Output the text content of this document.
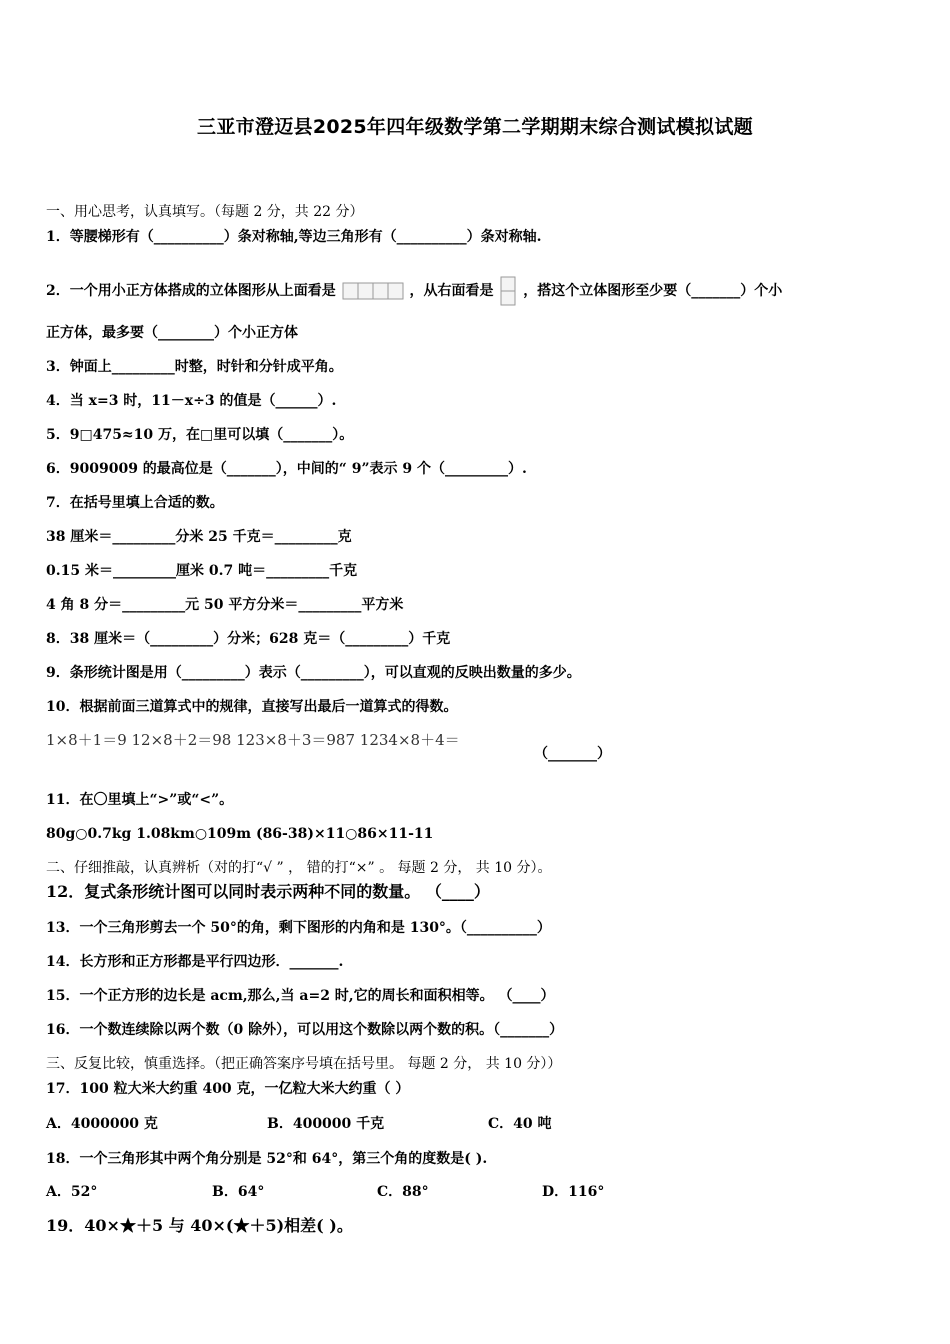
三亚市澄迈县2025年四年级数学第二学期期末综合测试模拟试题
一、用心思考，认真填写。（每题 2 分，共 22 分）
1．等腰梯形有（__________）条对称轴,等边三角形有（__________）条对称轴.
2．一个用小正方体搭成的立体图形从上面看是	，从右面看是 ，搭这个立体图形至少要（_______）个小
正方体，最多要（________）个小正方体
3．钟面上_________时整，时针和分针成平角。
4．当 x=3 时，11－x÷3 的值是（______）.
5．9□475≈10 万，在□里可以填（_______）。
6．9009009 的最高位是（_______），中间的“ 9”表示 9 个（_________）.
7．在括号里填上合适的数。
38 厘米＝_________分米 25 千克＝_________克
0.15 米＝_________厘米 0.7 吨＝_________千克
4 角 8 分＝_________元 50 平方分米＝_________平方米
8．38 厘米＝（_________）分米；628 克＝（_________）千克
9．条形统计图是用（_________）表示（_________），可以直观的反映出数量的多少。
10．根据前面三道算式中的规律，直接写出最后一道算式的得数。
1×8＋1＝9 12×8＋2＝98 123×8＋3＝987 1234×8＋4＝
（_______）
11．在〇里填上“>”或“<”。
80g○0.7kg 1.08km○109m (86-38)×11○86×11-11
二、仔细推敲，认真辨析（对的打“√ ” ， 错的打“×” 。 每题 2 分， 共 10 分）。
12．复式条形统计图可以同时表示两种不同的数量。 （____）
13．一个三角形剪去一个 50°的角，剩下图形的内角和是 130°。（__________）
14．长方形和正方形都是平行四边形．_______.
15．一个正方形的边长是 acm,那么,当 a=2 时,它的周长和面积相等。 （____）
16．一个数连续除以两个数（0 除外），可以用这个数除以两个数的积。（_______）
三、反复比较，慎重选择。（把正确答案序号填在括号里。 每题 2 分， 共 10 分））
17．100 粒大米大约重 400 克，一亿粒大米大约重（ ）
A．4000000 克	B．400000 千克	C．40 吨
18．一个三角形其中两个角分别是 52°和 64°，第三个角的度数是( ).
A．52°	B．64°	C．88°	D．116°
19．40×★＋5 与 40×(★＋5)相差( )。
